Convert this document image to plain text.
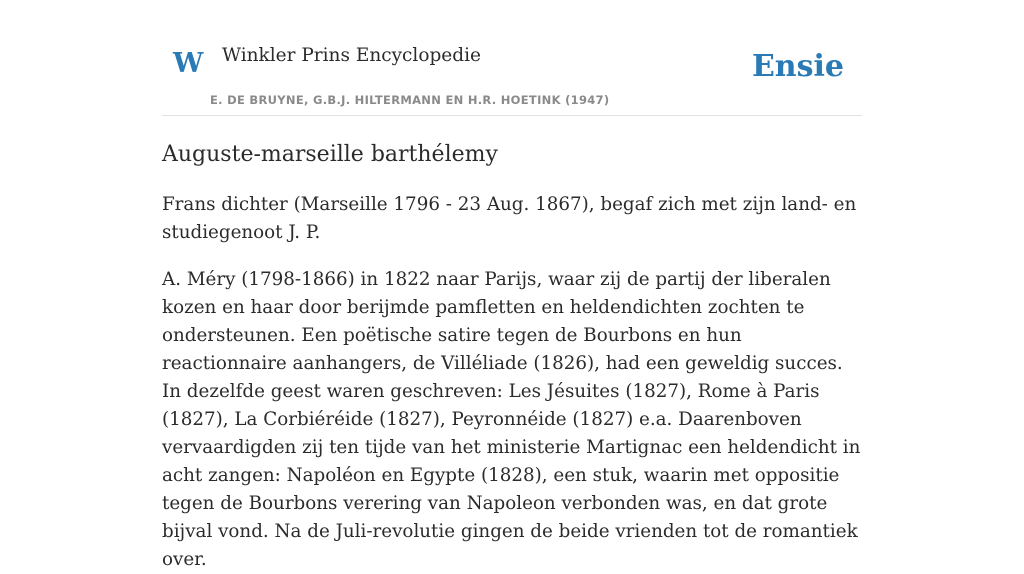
W Winkler Prins Encyclopedie
E. DE BRUYNE, G.B.J. HILTERMANN EN H.R. HOETINK (1947)
Ensie
Auguste-marseille barthélemy

Frans dichter (Marseille 1796 - 23 Aug. 1867), begaf zich met zijn land- en studiegenoot J. P.

A. Méry (1798-1866) in 1822 naar Parijs, waar zij de partij der liberalen kozen en haar door berijmde pamfletten en heldendichten zochten te ondersteunen. Een poëtische satire tegen de Bourbons en hun reactionnaire aanhangers, de Villéliade (1826), had een geweldig succes. In dezelfde geest waren geschreven: Les Jésuites (1827), Rome à Paris (1827), La Corbiéréide (1827), Peyronnéide (1827) e.a. Daarenboven vervaardigden zij ten tijde van het ministerie Martignac een heldendicht in acht zangen: Napoléon en Egypte (1828), een stuk, waarin met oppositie tegen de Bourbons verering van Napoleon verbonden was, en dat grote bijval vond. Na de Juli-revolutie gingen de beide vrienden tot de romantiek over.
